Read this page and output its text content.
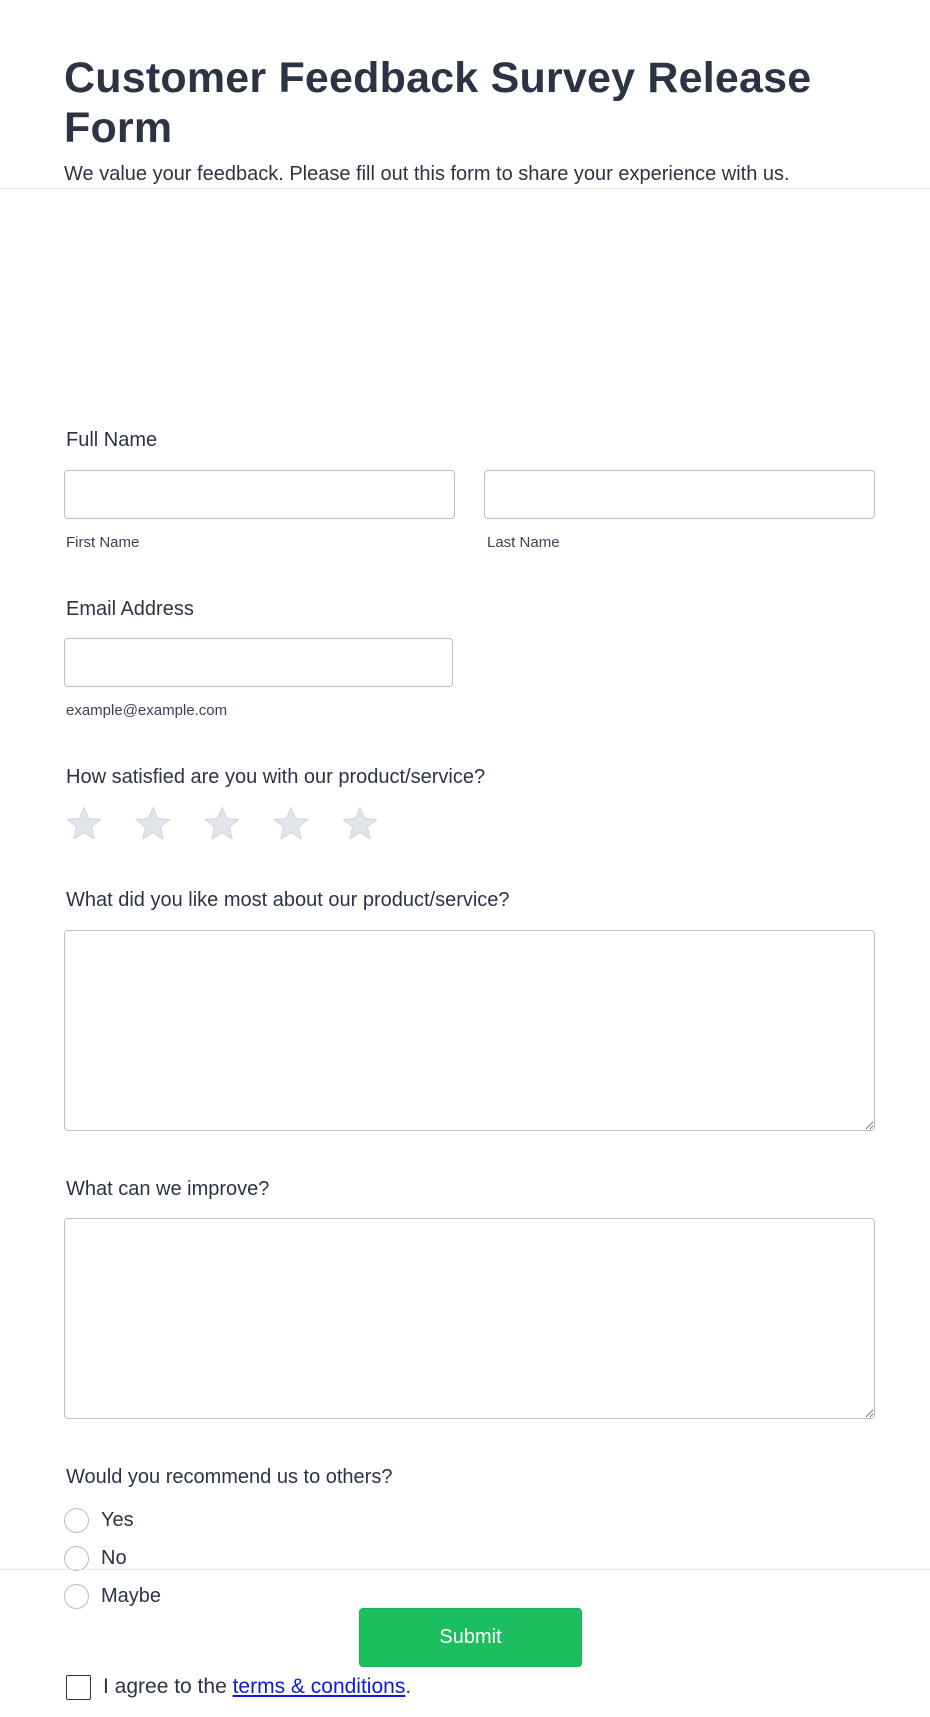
Customer Feedback Survey Release Form

We value your feedback. Please fill out this form to share your experience with us.

Full Name
First Name	Last Name
Email Address
example@example.com
How satisfied are you with our product/service?
What did you like most about our product/service?
What can we improve?
Would you recommend us to others?
Yes
No
Maybe
I agree to the terms & conditions.
Submit
